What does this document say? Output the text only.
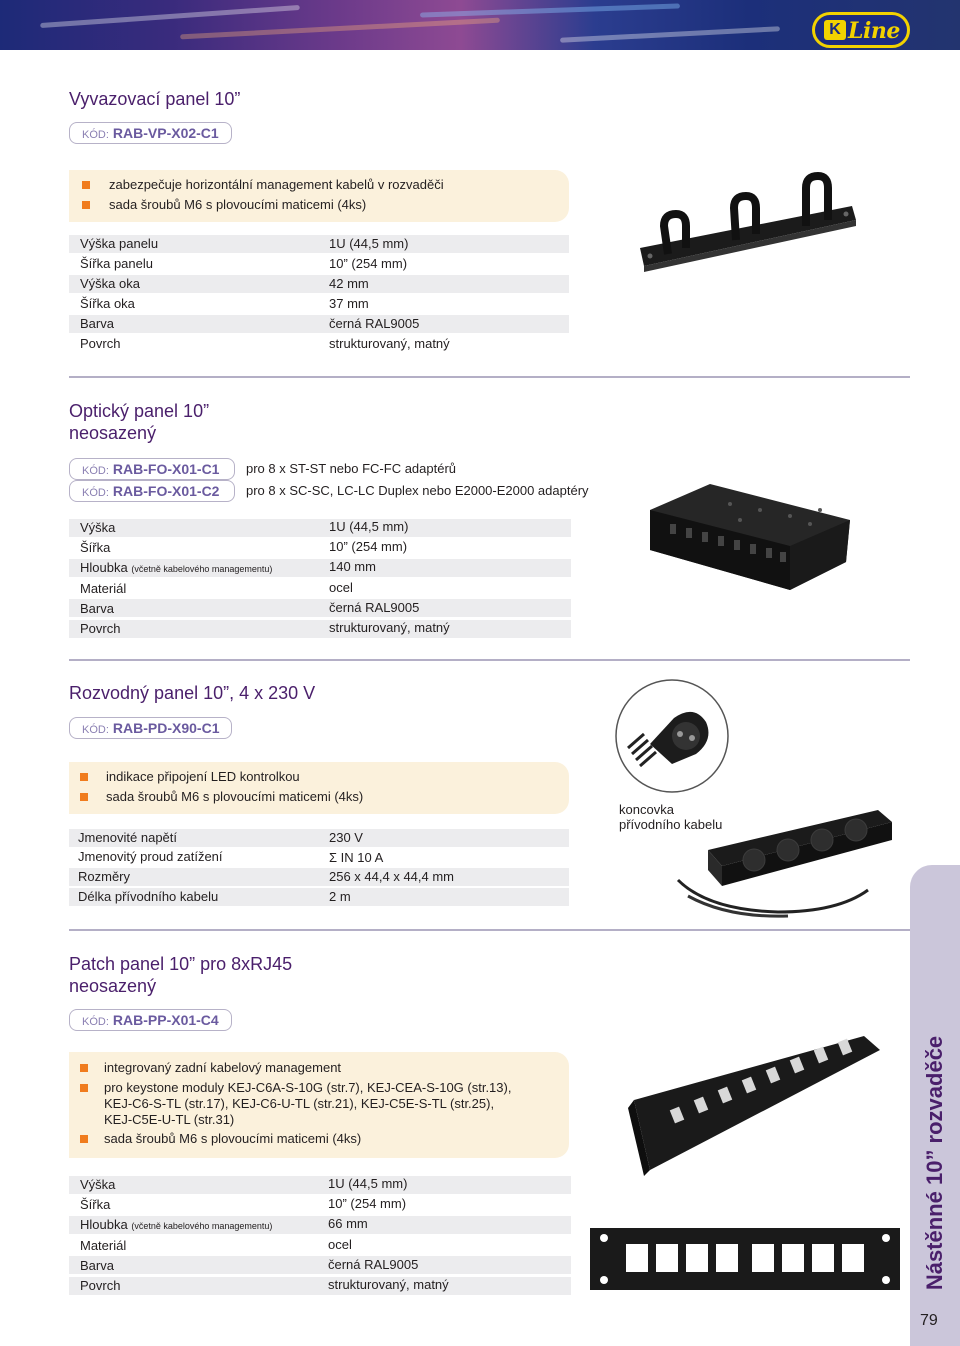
K Line
Vyvazovací panel 10”
KÓD: RAB-VP-X02-C1
zabezpečuje horizontální management kabelů v rozvaděči
sada šroubů M6 s plovoucími maticemi (4ks)
Výška panelu	1U (44,5 mm)
Šířka panelu	10” (254 mm)
Výška oka	42 mm
Šířka oka	37 mm
Barva	černá RAL9005
Povrch	strukturovaný, matný
Optický panel 10”
neosazený
KÓD: RAB-FO-X01-C1	pro 8 x ST-ST nebo FC-FC adaptérů
KÓD: RAB-FO-X01-C2	pro 8 x SC-SC, LC-LC Duplex nebo E2000-E2000 adaptéry
Výška	1U (44,5 mm)
Šířka	10” (254 mm)
Hloubka (včetně kabelového managementu)	140 mm
Materiál	ocel
Barva	černá RAL9005
Povrch	strukturovaný, matný
Rozvodný panel 10”, 4 x 230 V
KÓD: RAB-PD-X90-C1
indikace připojení LED kontrolkou
sada šroubů M6 s plovoucími maticemi (4ks)
Jmenovité napětí	230 V
Jmenovitý proud zatížení	Σ IN 10 A
Rozměry	256 x 44,4 x 44,4 mm
Délka přívodního kabelu	2 m
koncovka
přívodního kabelu
Patch panel 10” pro 8xRJ45
neosazený
KÓD: RAB-PP-X01-C4
integrovaný zadní kabelový management
pro keystone moduly KEJ-C6A-S-10G (str.7), KEJ-CEA-S-10G (str.13),
KEJ-C6-S-TL (str.17), KEJ-C6-U-TL (str.21), KEJ-C5E-S-TL (str.25),
KEJ-C5E-U-TL (str.31)
sada šroubů M6 s plovoucími maticemi (4ks)
Výška	1U (44,5 mm)
Šířka	10” (254 mm)
Hloubka (včetně kabelového managementu)	66 mm
Materiál	ocel
Barva	černá RAL9005
Povrch	strukturovaný, matný	Nástěnné 10” rozvaděče
79
